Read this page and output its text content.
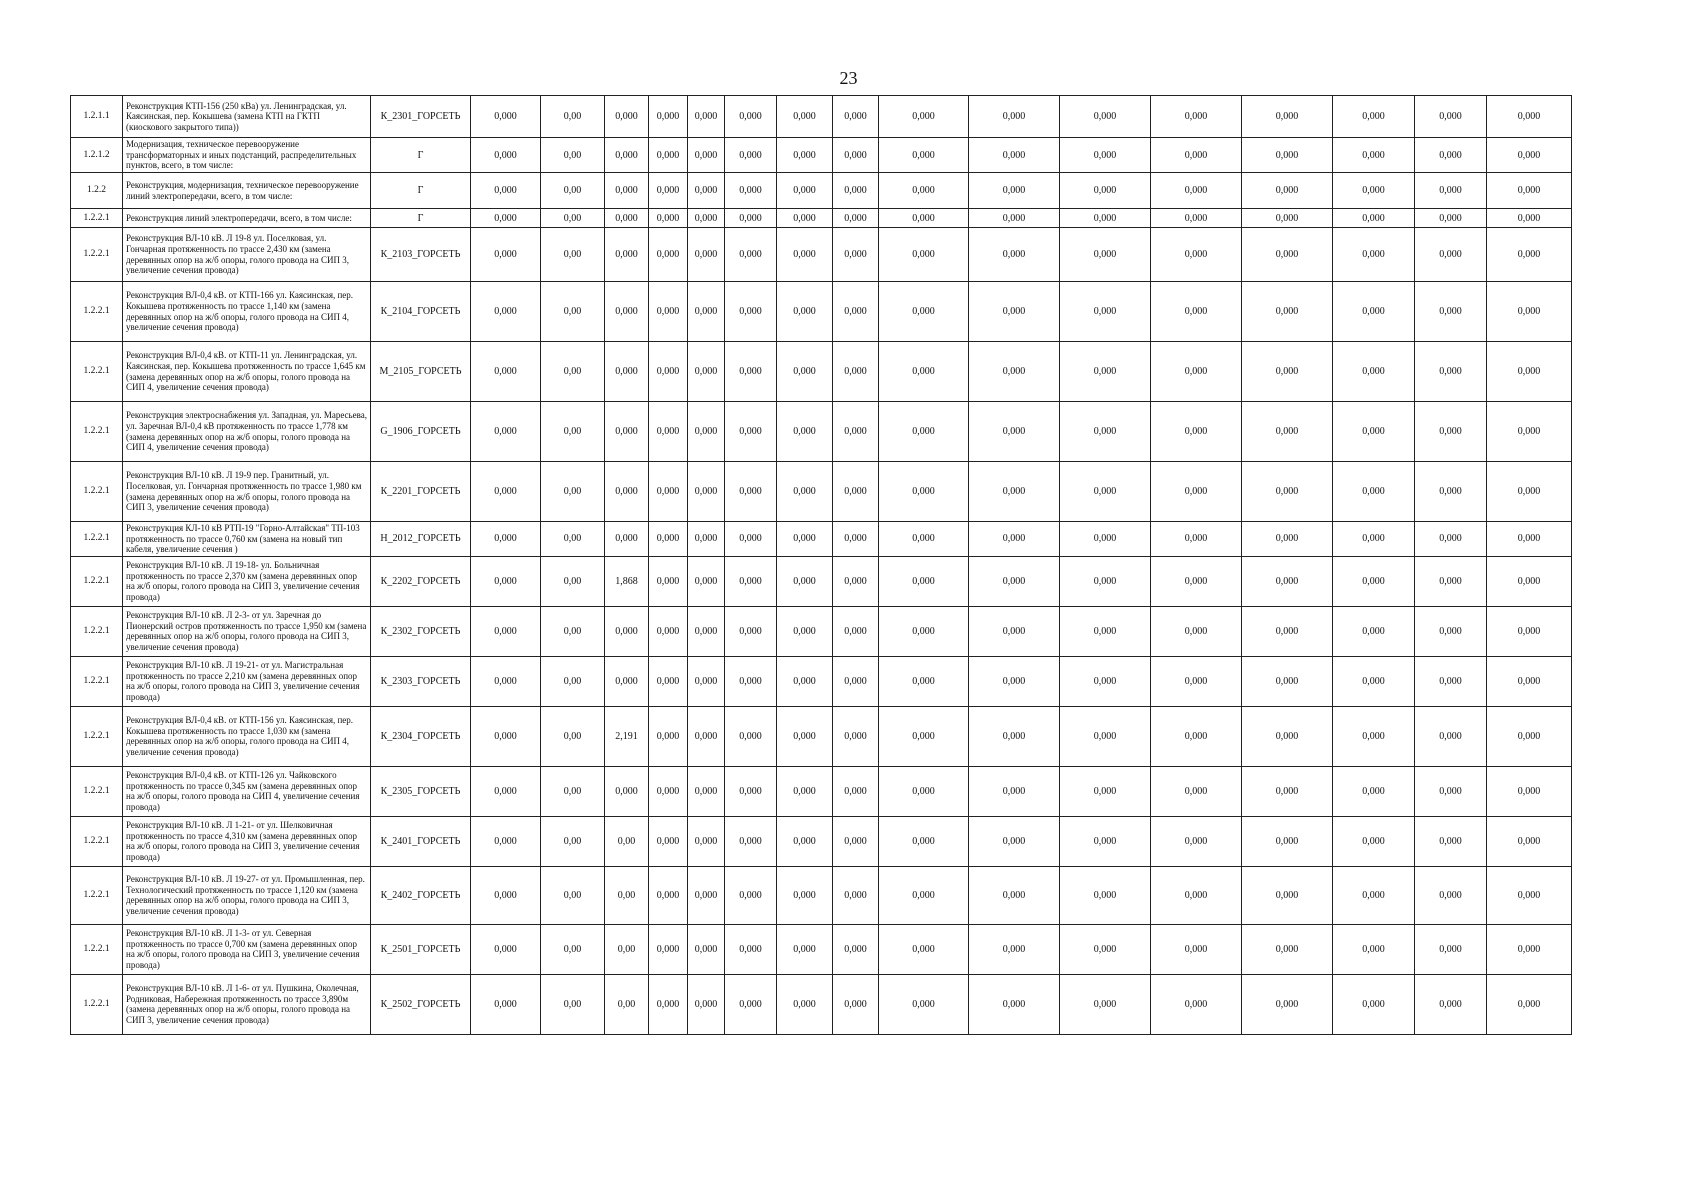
23
1.2.1.1	Реконструкция КТП-156 (250 кВа) ул. Ленинградская, ул. Каясинская, пер. Кокышева (замена КТП на ГКТП (киоскового закрытого типа))	К_2301_ГОРСЕТЬ	0,000	0,00	0,000	0,000	0,000	0,000	0,000	0,000	0,000	0,000	0,000	0,000	0,000	0,000	0,000	0,000
1.2.1.2	Модернизация, техническое перевооружение трансформаторных и иных подстанций, распределительных пунктов, всего, в том числе:	Г	0,000	0,00	0,000	0,000	0,000	0,000	0,000	0,000	0,000	0,000	0,000	0,000	0,000	0,000	0,000	0,000
1.2.2	Реконструкция, модернизация, техническое перевооружение линий электропередачи, всего, в том числе:	Г	0,000	0,00	0,000	0,000	0,000	0,000	0,000	0,000	0,000	0,000	0,000	0,000	0,000	0,000	0,000	0,000
1.2.2.1	Реконструкция линий электропередачи, всего, в том числе:	Г	0,000	0,00	0,000	0,000	0,000	0,000	0,000	0,000	0,000	0,000	0,000	0,000	0,000	0,000	0,000	0,000
1.2.2.1	Реконструкция ВЛ-10 кВ. Л 19-8 ул. Поселковая, ул. Гончарная протяженность по трассе 2,430 км (замена деревянных опор на ж/б опоры, голого провода на СИП 3, увеличение сечения провода)	К_2103_ГОРСЕТЬ	0,000	0,00	0,000	0,000	0,000	0,000	0,000	0,000	0,000	0,000	0,000	0,000	0,000	0,000	0,000	0,000
1.2.2.1	Реконструкция ВЛ-0,4 кВ. от КТП-166 ул. Каясинская, пер. Кокышева протяженность по трассе 1,140 км (замена деревянных опор на ж/б опоры, голого провода на СИП 4, увеличение сечения провода)	К_2104_ГОРСЕТЬ	0,000	0,00	0,000	0,000	0,000	0,000	0,000	0,000	0,000	0,000	0,000	0,000	0,000	0,000	0,000	0,000
1.2.2.1	Реконструкция ВЛ-0,4 кВ. от КТП-11 ул. Ленинградская, ул. Каясинская, пер. Кокышева протяженность по трассе 1,645 км (замена деревянных опор на ж/б опоры, голого провода на СИП 4, увеличение сечения провода)	М_2105_ГОРСЕТЬ	0,000	0,00	0,000	0,000	0,000	0,000	0,000	0,000	0,000	0,000	0,000	0,000	0,000	0,000	0,000	0,000
1.2.2.1	Реконструкция электроснабжения ул. Западная, ул. Маресьева, ул. Заречная ВЛ-0,4 кВ протяженность по трассе 1,778 км (замена деревянных опор на ж/б опоры, голого провода на СИП 4, увеличение сечения провода)	G_1906_ГОРСЕТЬ	0,000	0,00	0,000	0,000	0,000	0,000	0,000	0,000	0,000	0,000	0,000	0,000	0,000	0,000	0,000	0,000
1.2.2.1	Реконструкция ВЛ-10 кВ. Л 19-9 пер. Гранитный, ул. Поселковая, ул. Гончарная протяженность по трассе 1,980 км (замена деревянных опор на ж/б опоры, голого провода на СИП 3, увеличение сечения провода)	К_2201_ГОРСЕТЬ	0,000	0,00	0,000	0,000	0,000	0,000	0,000	0,000	0,000	0,000	0,000	0,000	0,000	0,000	0,000	0,000
1.2.2.1	Реконструкция КЛ-10 кВ РТП-19 "Горно-Алтайская" ТП-103 протяженность по трассе 0,760 км (замена на новый тип кабеля, увеличение сечения )	Н_2012_ГОРСЕТЬ	0,000	0,00	0,000	0,000	0,000	0,000	0,000	0,000	0,000	0,000	0,000	0,000	0,000	0,000	0,000	0,000
1.2.2.1	Реконструкция ВЛ-10 кВ. Л 19-18- ул. Больничная протяженность по трассе 2,370 км (замена деревянных опор на ж/б опоры, голого провода на СИП 3, увеличение сечения провода)	К_2202_ГОРСЕТЬ	0,000	0,00	1,868	0,000	0,000	0,000	0,000	0,000	0,000	0,000	0,000	0,000	0,000	0,000	0,000	0,000
1.2.2.1	Реконструкция ВЛ-10 кВ. Л 2-3- от ул. Заречная до Пионерский остров протяженность по трассе 1,950 км (замена деревянных опор на ж/б опоры, голого провода на СИП 3, увеличение сечения провода)	К_2302_ГОРСЕТЬ	0,000	0,00	0,000	0,000	0,000	0,000	0,000	0,000	0,000	0,000	0,000	0,000	0,000	0,000	0,000	0,000
1.2.2.1	Реконструкция ВЛ-10 кВ. Л 19-21- от ул. Магистральная протяженность по трассе 2,210 км (замена деревянных опор на ж/б опоры, голого провода на СИП 3, увеличение сечения провода)	К_2303_ГОРСЕТЬ	0,000	0,00	0,000	0,000	0,000	0,000	0,000	0,000	0,000	0,000	0,000	0,000	0,000	0,000	0,000	0,000
1.2.2.1	Реконструкция ВЛ-0,4 кВ. от КТП-156 ул. Каясинская, пер. Кокышева протяженность по трассе 1,030 км (замена деревянных опор на ж/б опоры, голого провода на СИП 4, увеличение сечения провода)	К_2304_ГОРСЕТЬ	0,000	0,00	2,191	0,000	0,000	0,000	0,000	0,000	0,000	0,000	0,000	0,000	0,000	0,000	0,000	0,000
1.2.2.1	Реконструкция ВЛ-0,4 кВ. от КТП-126 ул. Чайковского протяженность по трассе 0,345 км (замена деревянных опор на ж/б опоры, голого провода на СИП 4, увеличение сечения провода)	К_2305_ГОРСЕТЬ	0,000	0,00	0,000	0,000	0,000	0,000	0,000	0,000	0,000	0,000	0,000	0,000	0,000	0,000	0,000	0,000
1.2.2.1	Реконструкция ВЛ-10 кВ. Л 1-21- от ул. Шелковичная протяженность по трассе 4,310 км (замена деревянных опор на ж/б опоры, голого провода на СИП 3, увеличение сечения провода)	К_2401_ГОРСЕТЬ	0,000	0,00	0,00	0,000	0,000	0,000	0,000	0,000	0,000	0,000	0,000	0,000	0,000	0,000	0,000	0,000
1.2.2.1	Реконструкция ВЛ-10 кВ. Л 19-27- от ул. Промышленная, пер. Технологический протяженность по трассе 1,120 км (замена деревянных опор на ж/б опоры, голого провода на СИП 3, увеличение сечения провода)	К_2402_ГОРСЕТЬ	0,000	0,00	0,00	0,000	0,000	0,000	0,000	0,000	0,000	0,000	0,000	0,000	0,000	0,000	0,000	0,000
1.2.2.1	Реконструкция ВЛ-10 кВ. Л 1-3- от ул. Северная протяженность по трассе 0,700 км (замена деревянных опор на ж/б опоры, голого провода на СИП 3, увеличение сечения провода)	К_2501_ГОРСЕТЬ	0,000	0,00	0,00	0,000	0,000	0,000	0,000	0,000	0,000	0,000	0,000	0,000	0,000	0,000	0,000	0,000
1.2.2.1	Реконструкция ВЛ-10 кВ. Л 1-6- от ул. Пушкина, Околечная, Родниковая, Набережная протяженность по трассе 3,890м (замена деревянных опор на ж/б опоры, голого провода на СИП 3, увеличение сечения провода)	К_2502_ГОРСЕТЬ	0,000	0,00	0,00	0,000	0,000	0,000	0,000	0,000	0,000	0,000	0,000	0,000	0,000	0,000	0,000	0,000
